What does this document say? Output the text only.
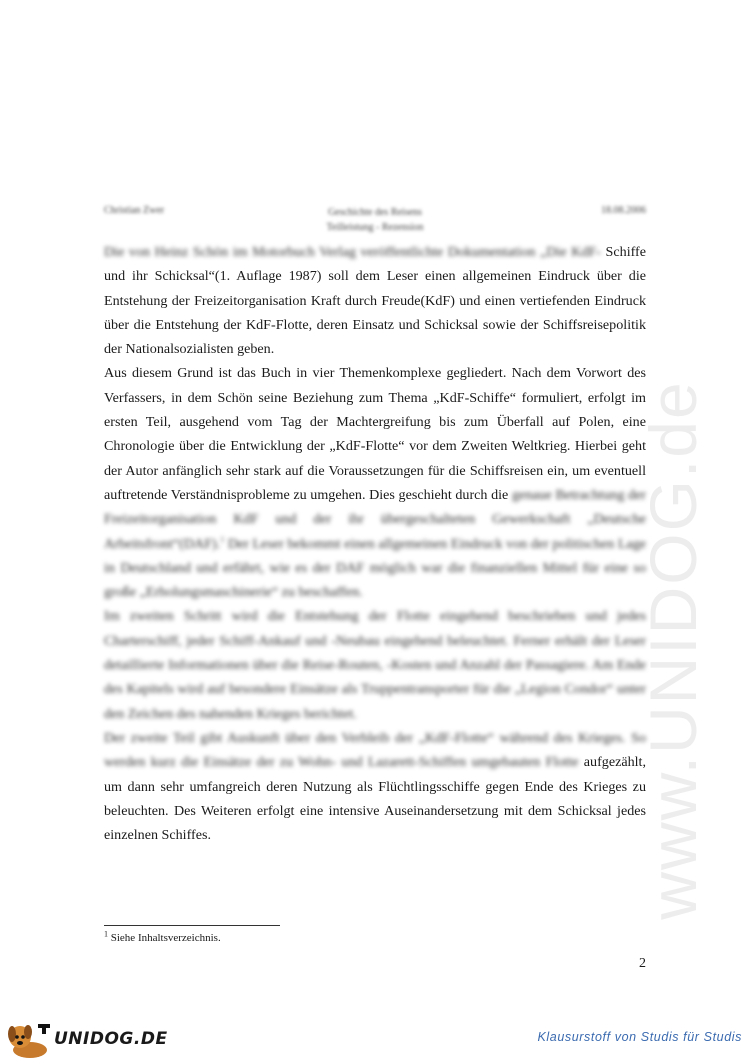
www.UNIDOG.de
Christian Zwer	Geschichte des Reisens
Teilleistung - Rezension
18.08.2006

Die von Heinz Schön im Motorbuch Verlag veröffentlichte Dokumentation „Die KdF- Schiffe und ihr Schicksal“(1. Auflage 1987) soll dem Leser einen allgemeinen Eindruck über die Entstehung der Freizeitorganisation Kraft durch Freude(KdF) und einen vertiefenden Eindruck über die Entstehung der KdF-Flotte, deren Einsatz und Schicksal sowie der Schiffsreisepolitik der Nationalsozialisten geben.

Aus diesem Grund ist das Buch in vier Themenkomplexe gegliedert. Nach dem Vorwort des Verfassers, in dem Schön seine Beziehung zum Thema „KdF-Schiffe“ formuliert, erfolgt im ersten Teil, ausgehend vom Tag der Machtergreifung bis zum Überfall auf Polen, eine Chronologie über die Entwicklung der „KdF-Flotte“ vor dem Zweiten Weltkrieg. Hierbei geht der Autor anfänglich sehr stark auf die Voraussetzungen für die Schiffsreisen ein, um eventuell auftretende Verständnisprobleme zu umgehen. Dies geschieht durch die genaue Betrachtung der Freizeitorganisation KdF und der ihr übergeschalteten Gewerkschaft „Deutsche Arbeitsfront“(DAF).$^1$ Der Leser bekommt einen allgemeinen Eindruck von der politischen Lage in Deutschland und erfährt, wie es der DAF möglich war die finanziellen Mittel für eine so große „Erholungsmaschinerie“ zu beschaffen.

Im zweiten Schritt wird die Entstehung der Flotte eingehend beschrieben und jedes Charterschiff, jeder Schiff-Ankauf und -Neubau eingehend beleuchtet. Ferner erhält der Leser detaillierte Informationen über die Reise-Routen, -Kosten und Anzahl der Passagiere. Am Ende des Kapitels wird auf besondere Einsätze als Truppentransporter für die „Legion Condor“ unter den Zeichen des nahenden Krieges berichtet.

Der zweite Teil gibt Auskunft über den Verbleib der „KdF-Flotte“ während des Krieges. So werden kurz die Einsätze der zu Wohn- und Lazarett-Schiffen umgebauten Flotte aufgezählt, um dann sehr umfangreich deren Nutzung als Flüchtlingsschiffe gegen Ende des Krieges zu beleuchten. Des Weiteren erfolgt eine intensive Auseinandersetzung mit dem Schicksal jedes einzelnen Schiffes.

$^1$ Siehe Inhaltsverzeichnis.
2
UNIDOG.DE	Klausurstoff von Studis für Studis
